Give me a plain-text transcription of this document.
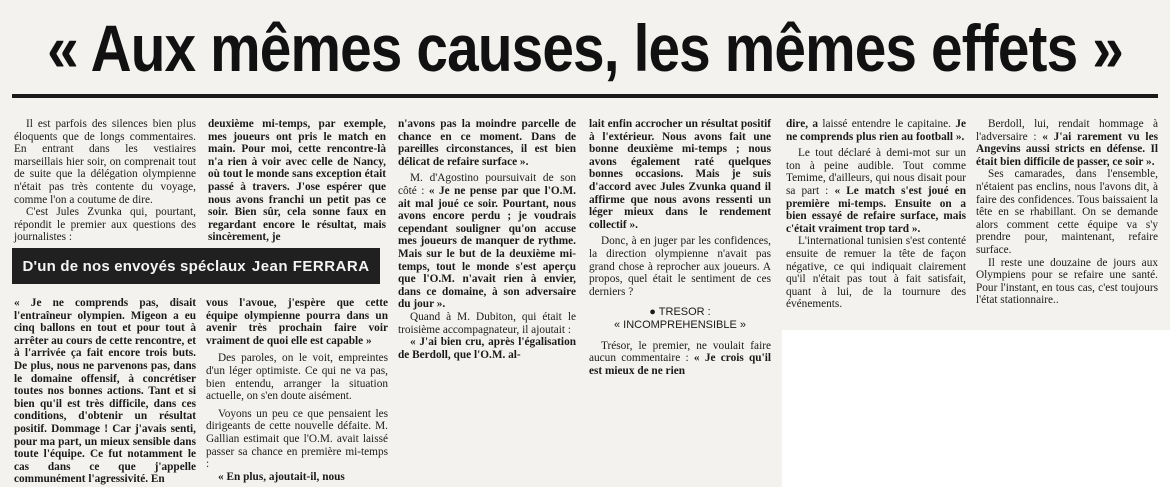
« Aux mêmes causes, les mêmes effets »

Il est parfois des silences bien plus éloquents que de longs commentaires. En entrant dans les vestiaires marseillais hier soir, on comprenait tout de suite que la délégation olympienne n'était pas très contente du voyage, comme l'on a coutume de dire.

C'est Jules Zvunka qui, pourtant, répondit le premier aux questions des journalistes :

deuxième mi-temps, par exemple, mes joueurs ont pris le match en main. Pour moi, cette rencontre-là n'a rien à voir avec celle de Nancy, où tout le monde sans exception était passé à travers. J'ose espérer que nous avons franchi un petit pas ce soir. Bien sûr, cela sonne faux en regardant encore le résultat, mais sincèrement, je

D'un de nos envoyés spéclaux Jean FERRARA

« Je ne comprends pas, disait l'entraîneur olympien. Migeon a eu cinq ballons en tout et pour tout à arrêter au cours de cette rencontre, et à l'arrivée ça fait encore trois buts. De plus, nous ne parvenons pas, dans le domaine offensif, à concrétiser toutes nos bonnes actions. Tant et si bien qu'il est très difficile, dans ces conditions, d'obtenir un résultat positif. Dommage ! Car j'avais senti, pour ma part, un mieux sensible dans toute l'équipe. Ce fut notamment le cas dans ce que j'appelle communément l'agressivité. En

vous l'avoue, j'espère que cette équipe olympienne pourra dans un avenir très prochain faire voir vraiment de quoi elle est capable »

Des paroles, on le voit, empreintes d'un léger optimiste. Ce qui ne va pas, bien entendu, arranger la situation actuelle, on s'en doute aisément.

Voyons un peu ce que pensaient les dirigeants de cette nouvelle défaite. M. Gallian estimait que l'O.M. avait laissé passer sa chance en première mi-temps :

« En plus, ajoutait-il, nous

n'avons pas la moindre parcelle de chance en ce moment. Dans de pareilles circonstances, il est bien délicat de refaire surface ».

M. d'Agostino poursuivait de son côté : « Je ne pense par que l'O.M. ait mal joué ce soir. Pourtant, nous avons encore perdu ; je voudrais cependant souligner qu'on accuse mes joueurs de manquer de rythme. Mais sur le but de la deuxième mi-temps, tout le monde s'est aperçu que l'O.M. n'avait rien à envier, dans ce domaine, à son adversaire du jour ».

Quand à M. Dubiton, qui était le troisième accompagnateur, il ajoutait :

« J'ai bien cru, après l'égalisation de Berdoll, que l'O.M. al-

lait enfin accrocher un résultat positif à l'extérieur. Nous avons fait une bonne deuxième mi-temps ; nous avons également raté quelques bonnes occasions. Mais je suis d'accord avec Jules Zvunka quand il affirme que nous avons ressenti un léger mieux dans le rendement collectif ».

Donc, à en juger par les confidences, la direction olympienne n'avait pas grand chose à reprocher aux joueurs. A propos, quel était le sentiment de ces derniers ?

● TRESOR :
« INCOMPREHENSIBLE »

Trésor, le premier, ne voulait faire aucun commentaire : « Je crois qu'il est mieux de ne rien

dire, a laissé entendre le capitaine. Je ne comprends plus rien au football ».

Le tout déclaré à demi-mot sur un ton à peine audible. Tout comme Temime, d'ailleurs, qui nous disait pour sa part : « Le match s'est joué en première mi-temps. Ensuite on a bien essayé de refaire surface, mais c'était vraiment trop tard ».

L'international tunisien s'est contenté ensuite de remuer la tête de façon négative, ce qui indiquait clairement qu'il n'était pas tout à fait satisfait, quant à lui, de la tournure des événements.

Berdoll, lui, rendait hommage à l'adversaire : « J'ai rarement vu les Angevins aussi stricts en défense. Il était bien difficile de passer, ce soir ».

Ses camarades, dans l'ensemble, n'étaient pas enclins, nous l'avons dit, à faire des confidences. Tous baissaient la tête en se rhabillant. On se demande alors comment cette équipe va s'y prendre pour, maintenant, refaire surface.

Il reste une douzaine de jours aux Olympiens pour se refaire une santé. Pour l'instant, en tous cas, c'est toujours l'état stationnaire..
